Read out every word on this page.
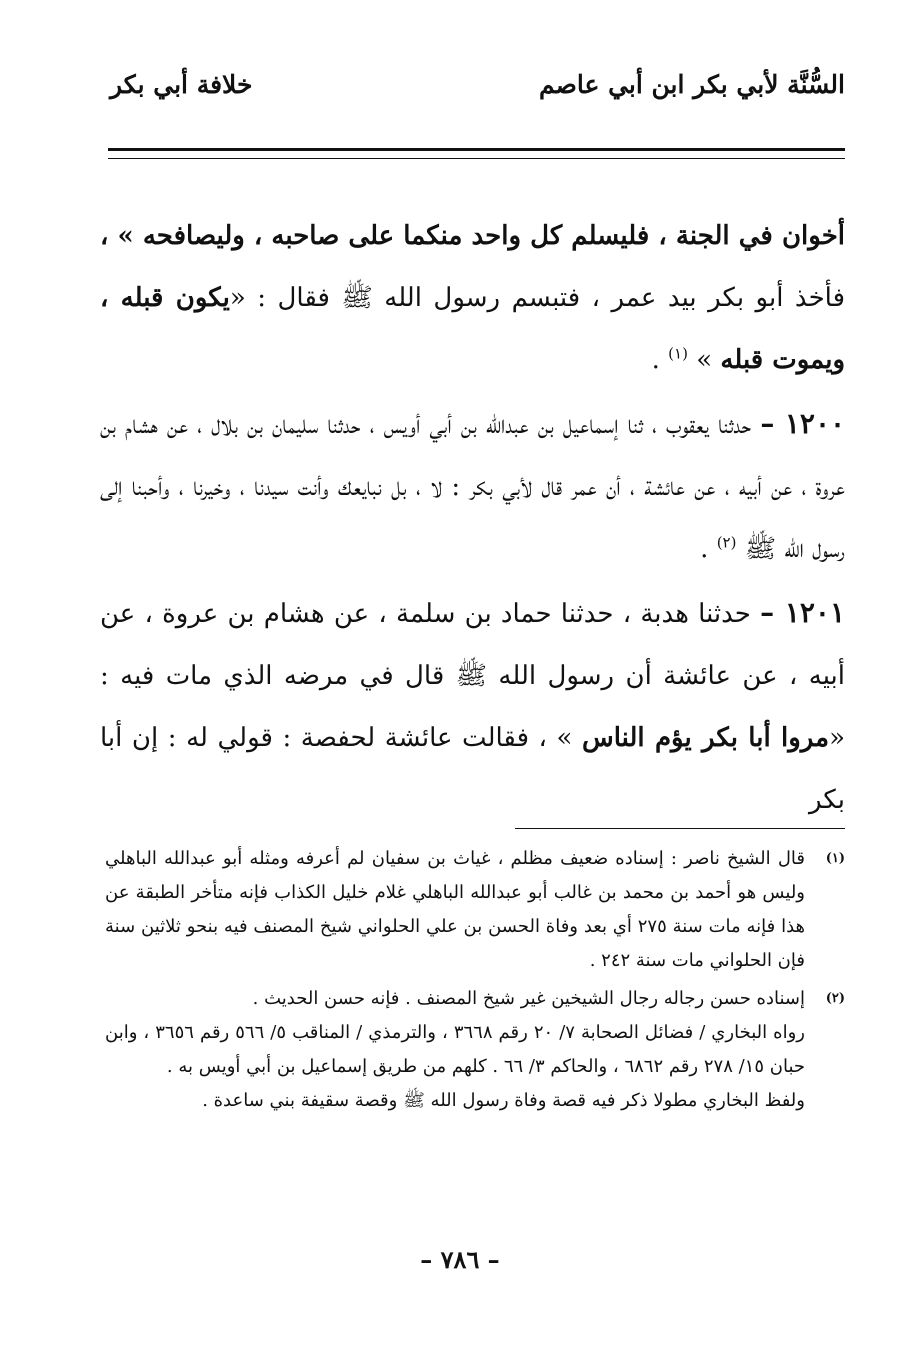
السُّنَّة لأبي بكر ابن أبي عاصم
خلافة أبي بكر

أخوان في الجنة ، فليسلم كل واحد منكما على صاحبه ، وليصافحه » ، فأخذ أبو بكر بيد عمر ، فتبسم رسول الله ﷺ فقال : «يكون قبله ، ويموت قبله » $^{(١)}$ .

١٢٠٠ – حدثنا يعقوب ، ثنا إسماعيل بن عبدالله بن أبي أويس ، حدثنا سليمان بن بلال ، عن هشام بن عروة ، عن أبيه ، عن عائشة ، أن عمر قال لأبي بكر : لا ، بل نبايعك وأنت سيدنا ، وخيرنا ، وأحبنا إلى رسول الله ﷺ $^{(٢)}$ .

١٢٠١ – حدثنا هدبة ، حدثنا حماد بن سلمة ، عن هشام بن عروة ، عن أبيه ، عن عائشة أن رسول الله ﷺ قال في مرضه الذي مات فيه : «مروا أبا بكر يؤم الناس » ، فقالت عائشة لحفصة : قولي له : إن أبا بكر

(١)

قال الشيخ ناصر : إسناده ضعيف مظلم ، غياث بن سفيان لم أعرفه ومثله أبو عبدالله الباهلي وليس هو أحمد بن محمد بن غالب أبو عبدالله الباهلي غلام خليل الكذاب فإنه متأخر الطبقة عن هذا فإنه مات سنة ٢٧٥ أي بعد وفاة الحسن بن علي الحلواني شيخ المصنف فيه بنحو ثلاثين سنة فإن الحلواني مات سنة ٢٤٢ .

(٢)

إسناده حسن رجاله رجال الشيخين غير شيخ المصنف . فإنه حسن الحديث .

رواه البخاري / فضائل الصحابة ٧/ ٢٠ رقم ٣٦٦٨ ، والترمذي / المناقب ٥/ ٥٦٦ رقم ٣٦٥٦ ، وابن حبان ١٥/ ٢٧٨ رقم ٦٨٦٢ ، والحاكم ٣/ ٦٦ . كلهم من طريق إسماعيل بن أبي أويس به .

ولفظ البخاري مطولا ذكر فيه قصة وفاة رسول الله ﷺ وقصة سقيفة بني ساعدة .

– ٧٨٦ –
